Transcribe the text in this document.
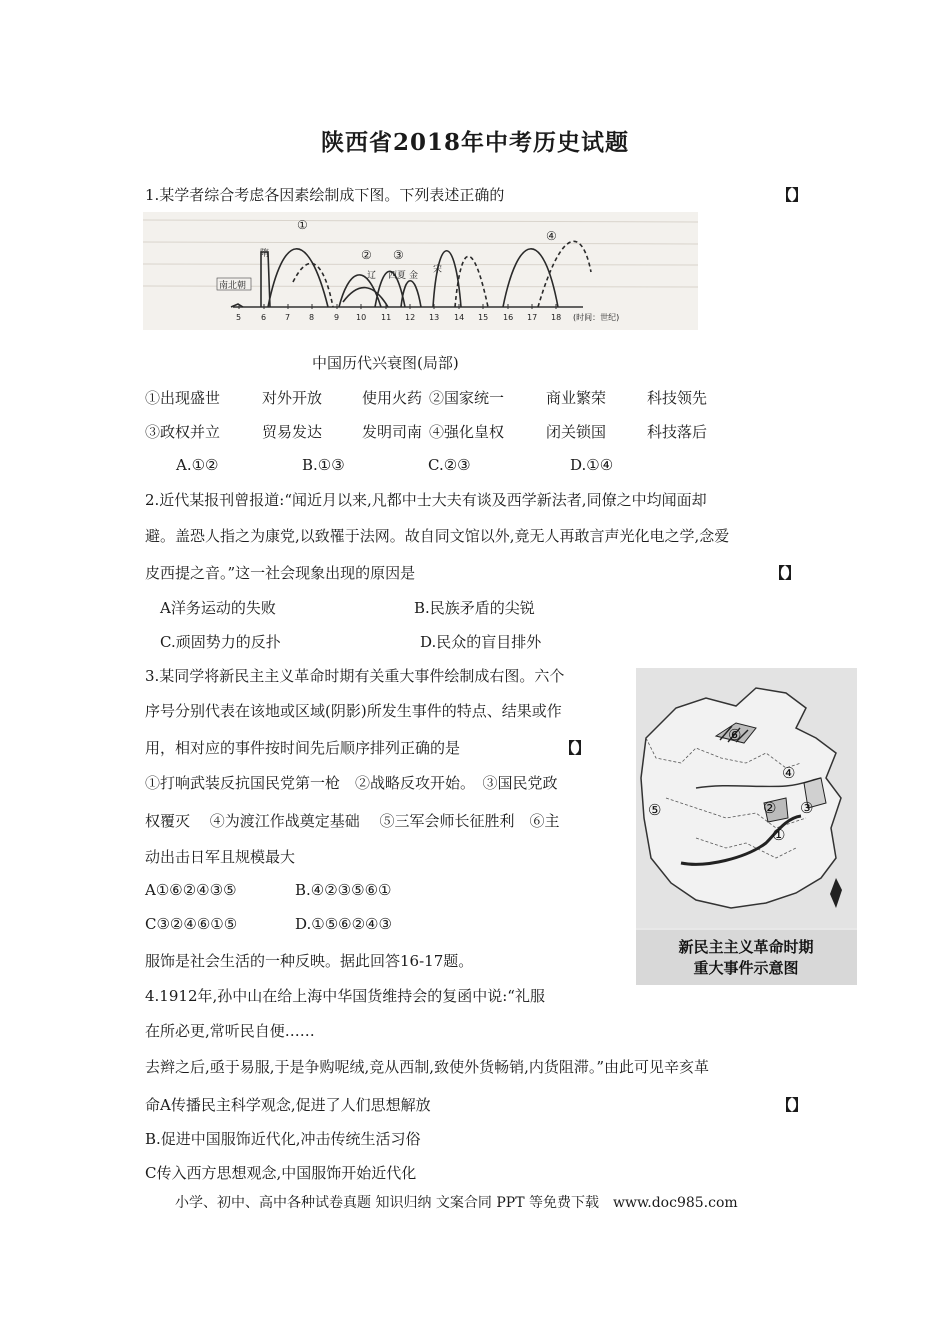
陕西省2018年中考历史试题
1.某学者综合考虑各因素绘制成下图。下列表述正确的	【】
南北朝
隋
宋
辽 西夏 金
①
② ③
④
5 6 7 8 9 10 11 12 13 14 15 16 17 18 (时间：世纪)
中国历代兴衰图(局部)
①出现盛世	对外开放	使用火药 ②国家统一	商业繁荣	科技领先
③政权并立	贸易发达	发明司南 ④强化皇权	闭关锁国	科技落后
A.①②	B.①③	C.②③	D.①④
2.近代某报刊曾报道:“闻近月以来,凡都中士大夫有谈及西学新法者,同僚之中均闻面却
避。盖恐人指之为康党,以致罹于法网。故自同文馆以外,竟无人再敢言声光化电之学,念爱
皮西提之音。”这一社会现象出现的原因是	【】
A洋务运动的失败	B.民族矛盾的尖锐
C.顽固势力的反扑	D.民众的盲目排外
3.某同学将新民主主义革命时期有关重大事件绘制成右图。六个
序号分别代表在该地或区域(阴影)所发生事件的特点、结果或作
用，相对应的事件按时间先后顺序排列正确的是	【】
①打响武装反抗国民党第一枪　②战略反攻开始。　③国民党政
权覆灭　 ④为渡江作战奠定基础　 ⑤三军会师长征胜利　⑥主
动出击日军且规模最大
A①⑥②④③⑤	B.④②③⑤⑥①
C③②④⑥①⑤	D.①⑤⑥②④③
①
② ③
④
⑤
⑥
新民主主义革命时期
重大事件示意图
服饰是社会生活的一种反映。据此回答16-17题。
4.1912年,孙中山在给上海中华国货维持会的复函中说:“礼服
在所必更,常听民自便……
去辫之后,亟于易服,于是争购呢绒,竞从西制,致使外货畅销,内货阻滞。”由此可见辛亥革
命A传播民主科学观念,促进了人们思想解放	【】
B.促进中国服饰近代化,冲击传统生活习俗
C传入西方思想观念,中国服饰开始近代化
小学、初中、高中各种试卷真题 知识归纳 文案合同 PPT 等免费下载　www.doc985.com
